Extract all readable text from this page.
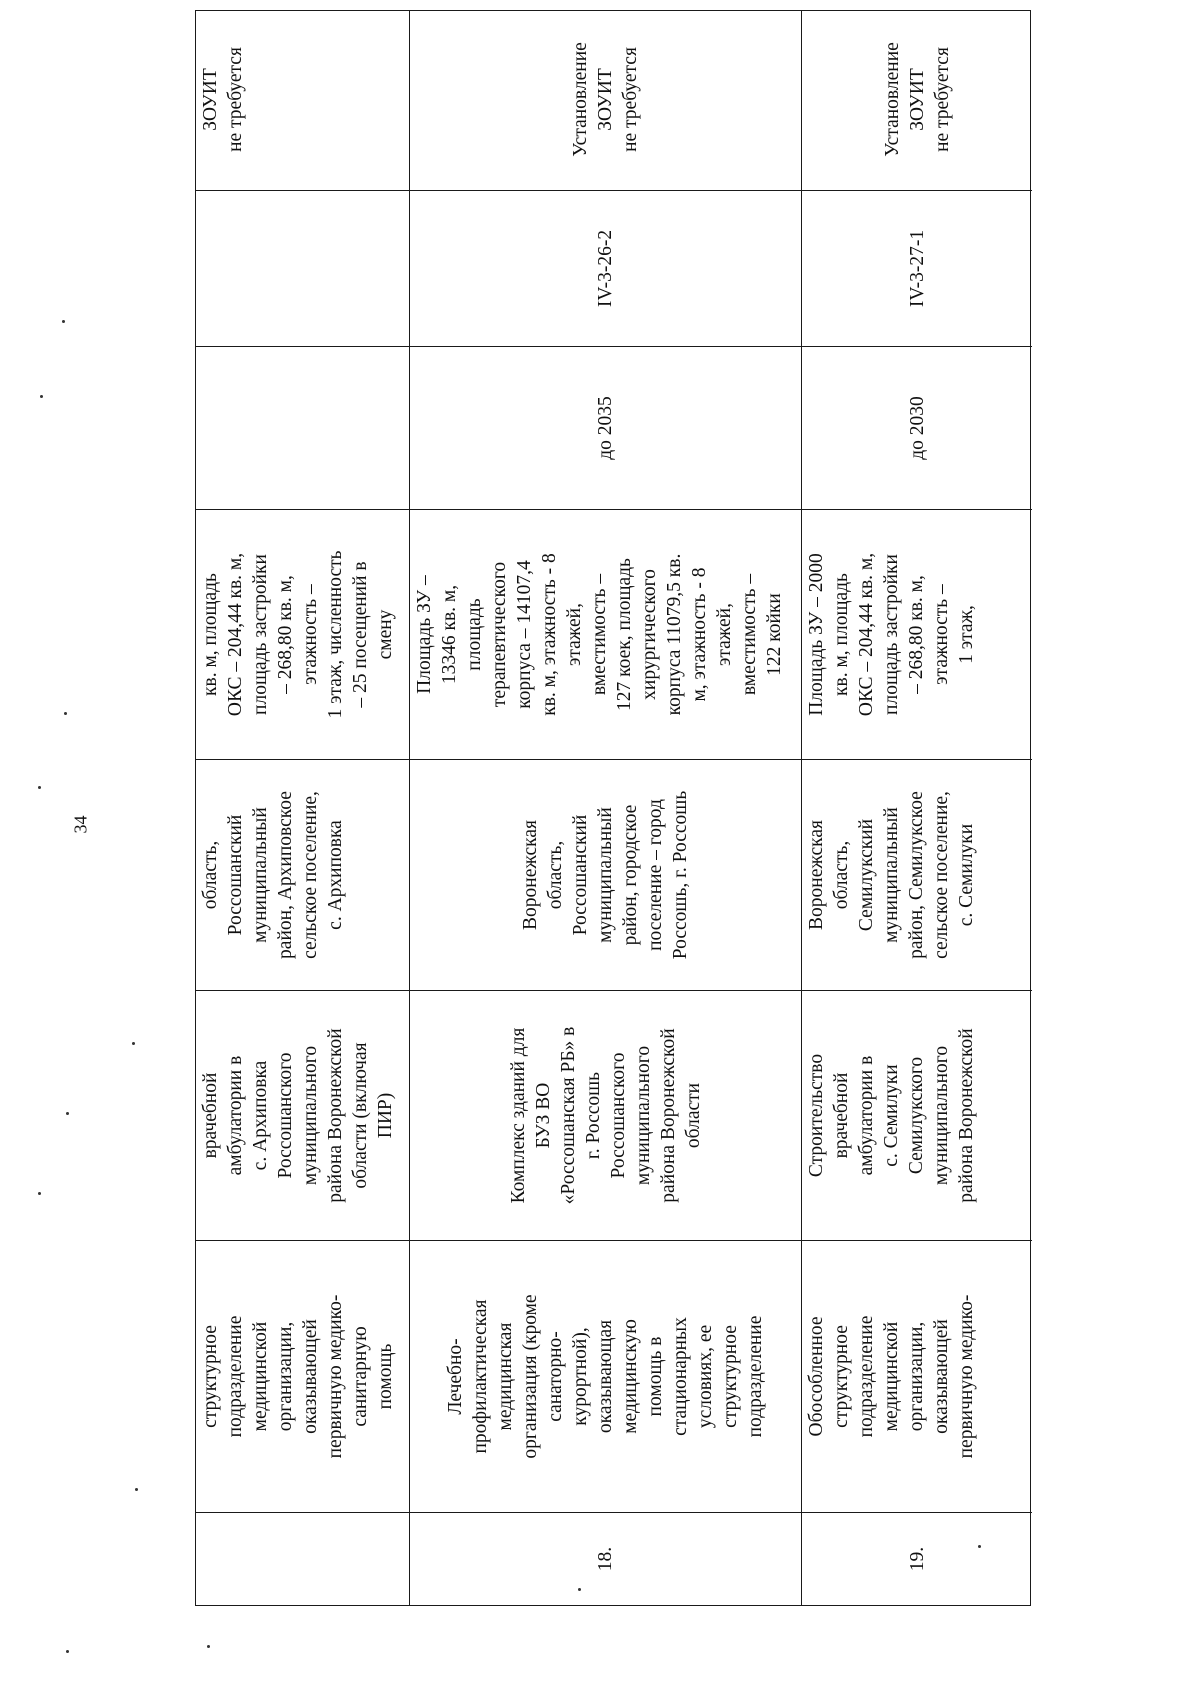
34
структурное подразделение медицинской организации, оказывающей первичную медико- санитарную помощь
врачебной амбулатории в с. Архиповка Россошанского муниципального района Воронежской области (включая ПИР)
область, Россошанский муниципальный район, Архиповское сельское поселение, с. Архиповка
кв. м, площадь ОКС – 204,44 кв. м, площадь застройки – 268,80 кв. м, этажность – 1 этаж, численность – 25 посещений в смену
ЗОУИТ не требуется
18.
Лечебно- профилактическая медицинская организация (кроме санаторно- курортной), оказывающая медицинскую помощь в стационарных условиях, ее структурное подразделение
Комплекс зданий для БУЗ ВО «Россошанская РБ» в г. Россошь Россошанского муниципального района Воронежской области
Воронежская область, Россошанский муниципальный район, городское поселение – город Россошь, г. Россошь
Площадь ЗУ – 13346 кв. м, площадь терапевтического корпуса – 14107,4 кв. м, этажность - 8 этажей, вместимость – 127 коек, площадь хирургического корпуса 11079,5 кв. м, этажность - 8 этажей, вместимость – 122 койки
до 2035
IV-3-26-2
Установление ЗОУИТ не требуется
19.
Обособленное структурное подразделение медицинской организации, оказывающей первичную медико-
Строительство врачебной амбулатории в с. Семилуки Семилукского муниципального района Воронежской
Воронежская область, Семилукский муниципальный район, Семилукское сельское поселение, с. Семилуки
Площадь ЗУ – 2000 кв. м, площадь ОКС – 204,44 кв. м, площадь застройки – 268,80 кв. м, этажность – 1 этаж,
до 2030
IV-3-27-1
Установление ЗОУИТ не требуется
